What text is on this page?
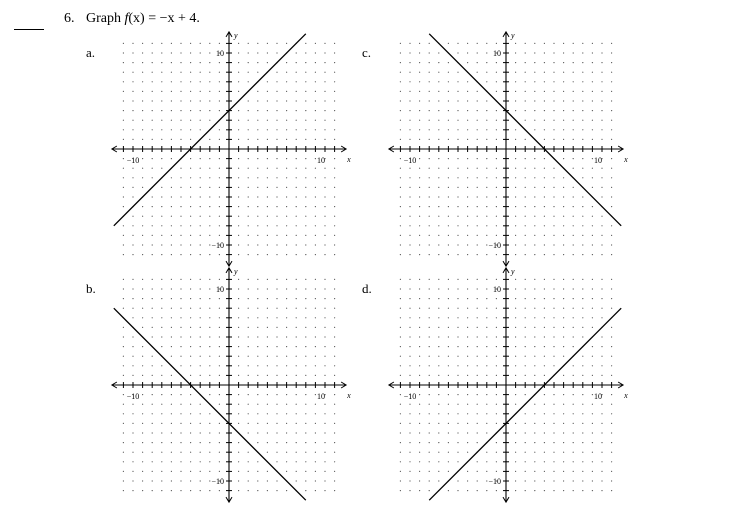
6. Graph f(x) = −x + 4.
a.
b.
c.
d.
−10	10
10
−10
x
y
−10	10
10
−10
x
y
−10	10
10
−10
x
y
−10	10
10
−10
x
y
